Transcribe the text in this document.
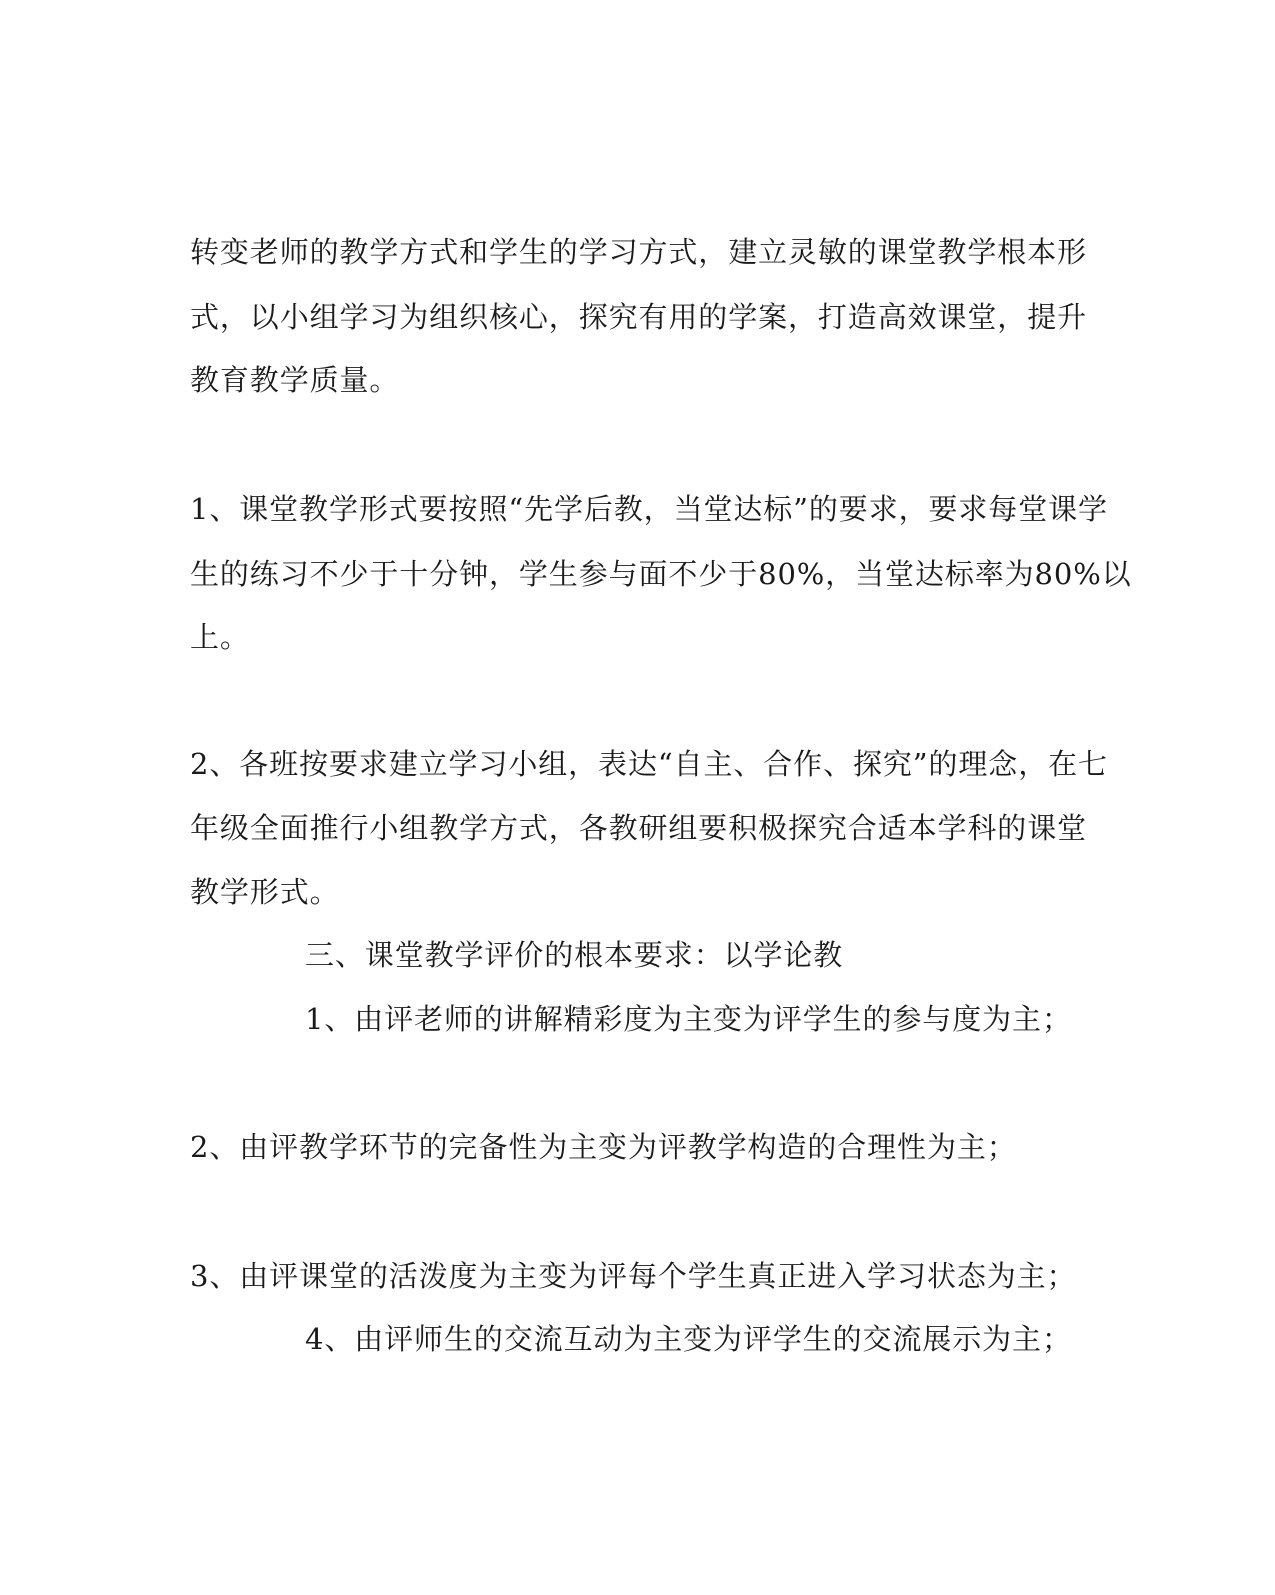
转变老师的教学方式和学生的学习方式，建立灵敏的课堂教学根本形
式，以小组学习为组织核心，探究有用的学案，打造高效课堂，提升
教育教学质量。
1、课堂教学形式要按照“先学后教，当堂达标”的要求，要求每堂课学
生的练习不少于十分钟，学生参与面不少于80%，当堂达标率为80%以
上。
2、各班按要求建立学习小组，表达“自主、合作、探究”的理念，在七
年级全面推行小组教学方式，各教研组要积极探究合适本学科的课堂
教学形式。
三、课堂教学评价的根本要求：以学论教
1、由评老师的讲解精彩度为主变为评学生的参与度为主；
2、由评教学环节的完备性为主变为评教学构造的合理性为主；
3、由评课堂的活泼度为主变为评每个学生真正进入学习状态为主；
4、由评师生的交流互动为主变为评学生的交流展示为主；
